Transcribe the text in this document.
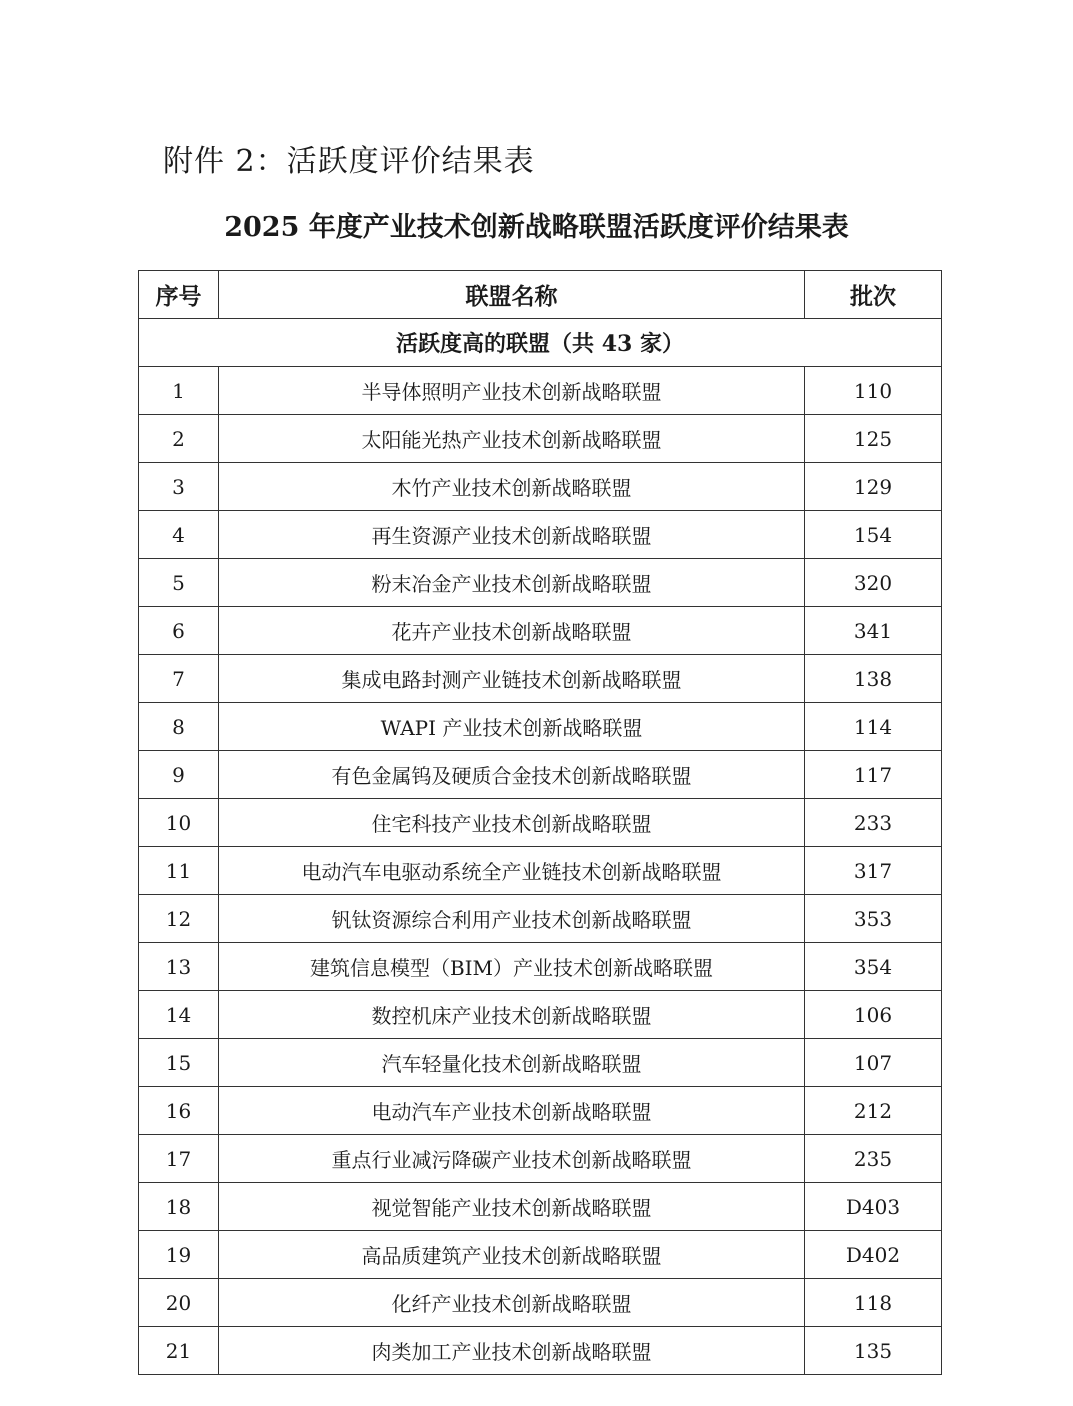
附件 2：活跃度评价结果表
2025 年度产业技术创新战略联盟活跃度评价结果表
序号	联盟名称	批次
活跃度高的联盟（共 43 家）		
1	半导体照明产业技术创新战略联盟	110
2	太阳能光热产业技术创新战略联盟	125
3	木竹产业技术创新战略联盟	129
4	再生资源产业技术创新战略联盟	154
5	粉末冶金产业技术创新战略联盟	320
6	花卉产业技术创新战略联盟	341
7	集成电路封测产业链技术创新战略联盟	138
8	WAPI 产业技术创新战略联盟	114
9	有色金属钨及硬质合金技术创新战略联盟	117
10	住宅科技产业技术创新战略联盟	233
11	电动汽车电驱动系统全产业链技术创新战略联盟	317
12	钒钛资源综合利用产业技术创新战略联盟	353
13	建筑信息模型（BIM）产业技术创新战略联盟	354
14	数控机床产业技术创新战略联盟	106
15	汽车轻量化技术创新战略联盟	107
16	电动汽车产业技术创新战略联盟	212
17	重点行业减污降碳产业技术创新战略联盟	235
18	视觉智能产业技术创新战略联盟	D403
19	高品质建筑产业技术创新战略联盟	D402
20	化纤产业技术创新战略联盟	118
21	肉类加工产业技术创新战略联盟	135
